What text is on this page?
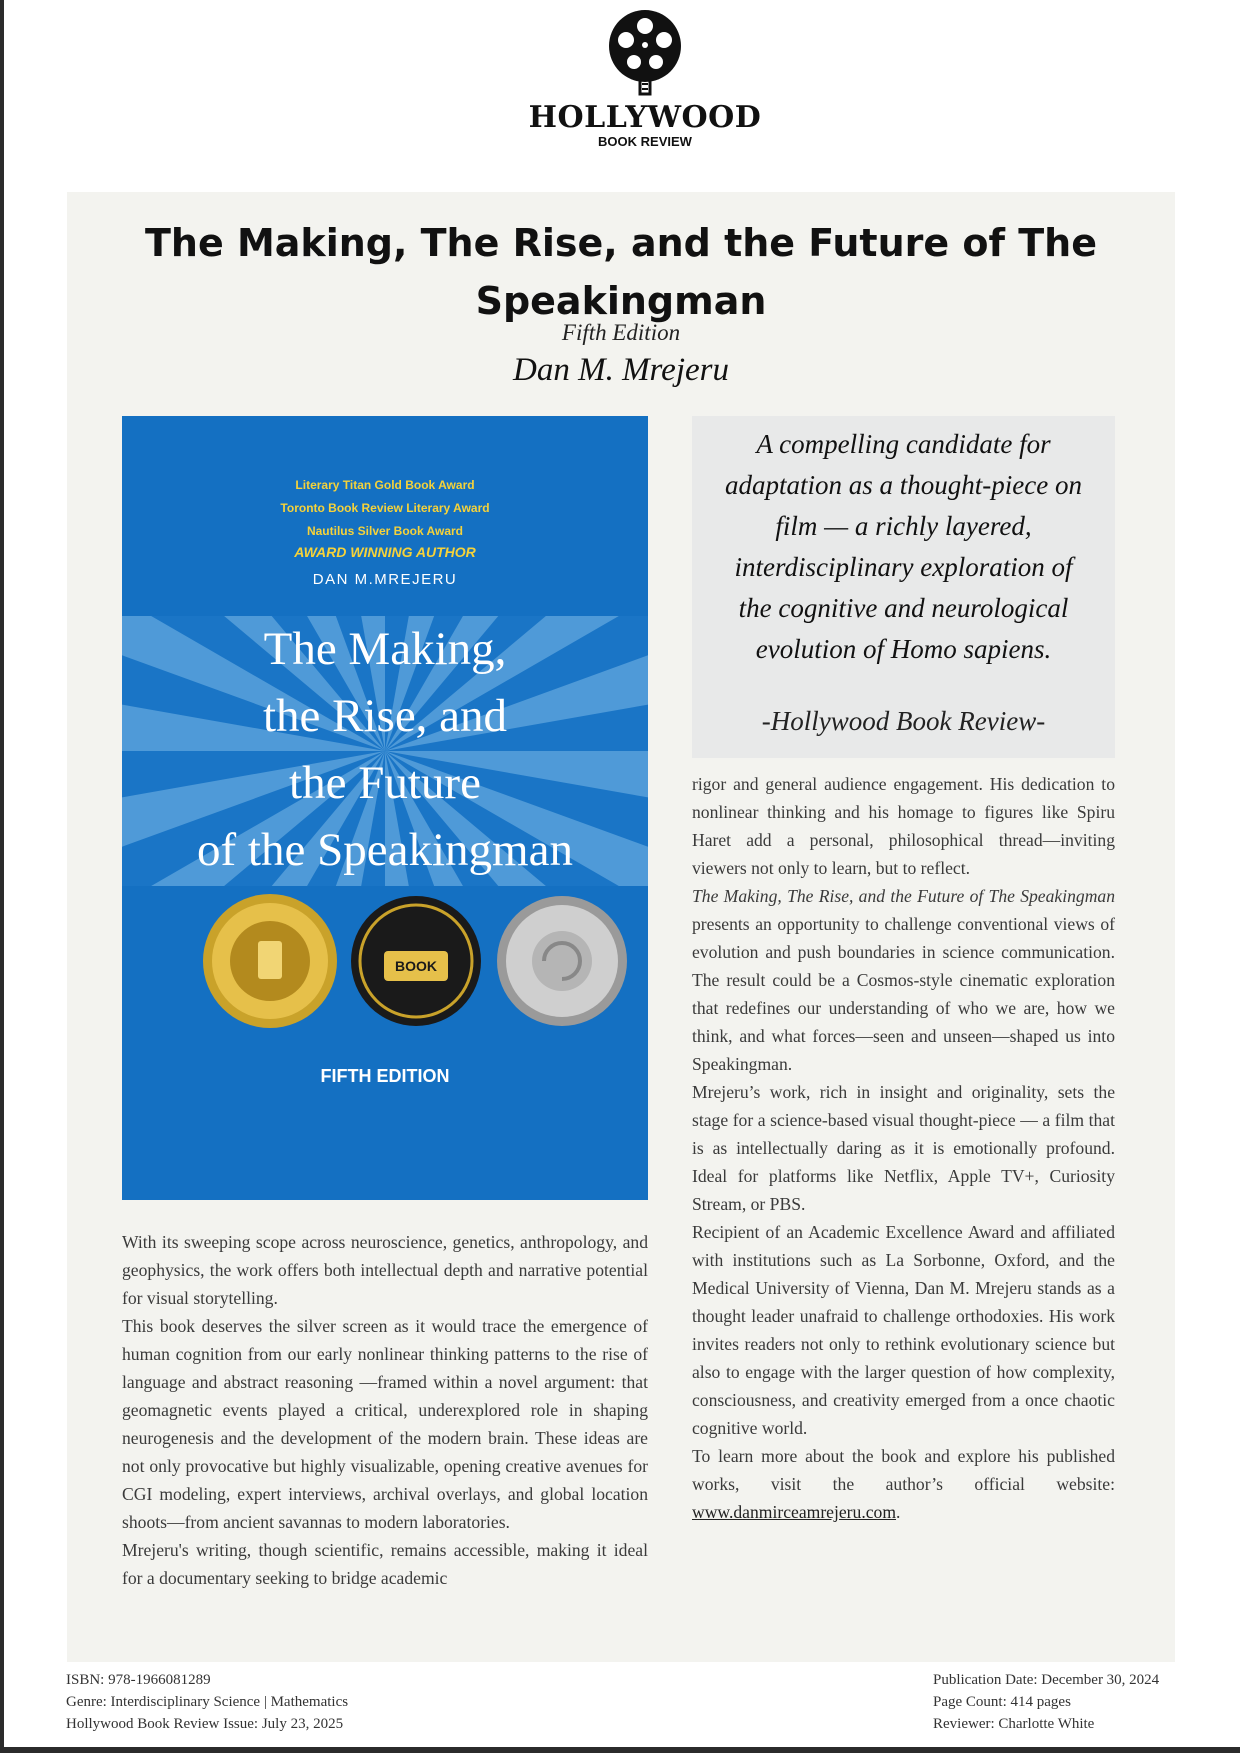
HOLLYWOOD
BOOK REVIEW
The Making, The Rise, and the Future of The
Speakingman
Fifth Edition
Dan M. Mrejeru
Literary Titan Gold Book Award
Toronto Book Review Literary Award
Nautilus Silver Book Award
AWARD WINNING AUTHOR
DAN M.MREJERU
The Making,
the Rise, and
the Future
of the Speakingman
BOOK
FIFTH EDITION
A compelling candidate for adaptation as a thought-piece on film — a richly layered, interdisciplinary exploration of the cognitive and neurological evolution of Homo sapiens.
-Hollywood Book Review-

With its sweeping scope across neuroscience, genetics, anthropology, and geophysics, the work offers both intellectual depth and narrative potential for visual storytelling.

This book deserves the silver screen as it would trace the emergence of human cognition from our early nonlinear thinking patterns to the rise of language and abstract reasoning —framed within a novel argument: that geomagnetic events played a critical, underexplored role in shaping neurogenesis and the development of the modern brain. These ideas are not only provocative but highly visualizable, opening creative avenues for CGI modeling, expert interviews, archival overlays, and global location shoots—from ancient savannas to modern laboratories.

Mrejeru's writing, though scientific, remains accessible, making it ideal for a documentary seeking to bridge academic

rigor and general audience engagement. His dedication to nonlinear thinking and his homage to figures like Spiru Haret add a personal, philosophical thread—inviting viewers not only to learn, but to reflect.

The Making, The Rise, and the Future of The Speakingman presents an opportunity to challenge conventional views of evolution and push boundaries in science communication. The result could be a Cosmos-style cinematic exploration that redefines our understanding of who we are, how we think, and what forces—seen and unseen—shaped us into Speakingman.

Mrejeru’s work, rich in insight and originality, sets the stage for a science-based visual thought-piece — a film that is as intellectually daring as it is emotionally profound. Ideal for platforms like Netflix, Apple TV+, Curiosity Stream, or PBS.

Recipient of an Academic Excellence Award and affiliated with institutions such as La Sorbonne, Oxford, and the Medical University of Vienna, Dan M. Mrejeru stands as a thought leader unafraid to challenge orthodoxies. His work invites readers not only to rethink evolutionary science but also to engage with the larger question of how complexity, consciousness, and creativity emerged from a once chaotic cognitive world.

To learn more about the book and explore his published works, visit the author’s official website: www.danmirceamrejeru.com.

ISBN: 978-1966081289
Genre: Interdisciplinary Science | Mathematics
Hollywood Book Review Issue: July 23, 2025
Publication Date: December 30, 2024
Page Count: 414 pages
Reviewer: Charlotte White
